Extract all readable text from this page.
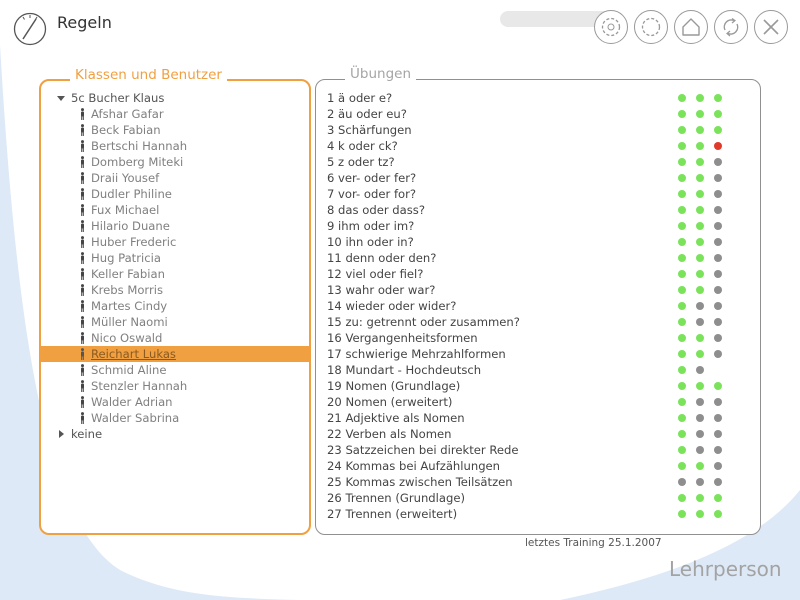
Regeln
Klassen und Benutzer
5c Bucher Klaus
Afshar Gafar
Beck Fabian
Bertschi Hannah
Domberg Miteki
Draii Yousef
Dudler Philine
Fux Michael
Hilario Duane
Huber Frederic
Hug Patricia
Keller Fabian
Krebs Morris
Martes Cindy
Müller Naomi
Nico Oswald
Reichart Lukas
Schmid Aline
Stenzler Hannah
Walder Adrian
Walder Sabrina
keine
Übungen
1 ä oder e?
2 äu oder eu?
3 Schärfungen
4 k oder ck?
5 z oder tz?
6 ver- oder fer?
7 vor- oder for?
8 das oder dass?
9 ihm oder im?
10 ihn oder in?
11 denn oder den?
12 viel oder fiel?
13 wahr oder war?
14 wieder oder wider?
15 zu: getrennt oder zusammen?
16 Vergangenheitsformen
17 schwierige Mehrzahlformen
18 Mundart - Hochdeutsch
19 Nomen (Grundlage)
20 Nomen (erweitert)
21 Adjektive als Nomen
22 Verben als Nomen
23 Satzzeichen bei direkter Rede
24 Kommas bei Aufzählungen
25 Kommas zwischen Teilsätzen
26 Trennen (Grundlage)
27 Trennen (erweitert)
letztes Training 25.1.2007
Lehrperson
